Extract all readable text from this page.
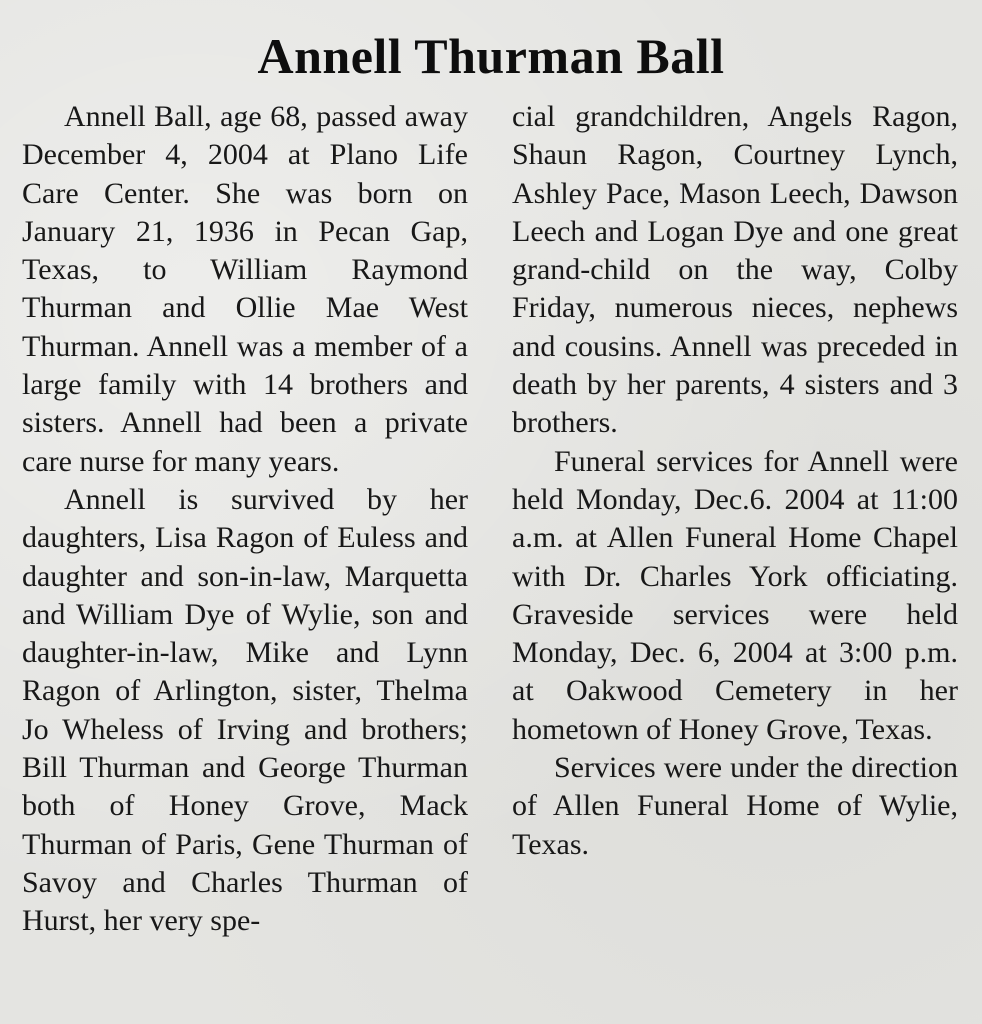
Annell Thurman Ball

Annell Ball, age 68, passed away December 4, 2004 at Plano Life Care Center. She was born on January 21, 1936 in Pecan Gap, Texas, to William Raymond Thurman and Ollie Mae West Thurman. Annell was a member of a large family with 14 brothers and sisters. Annell had been a private care nurse for many years.

Annell is survived by her daughters, Lisa Ragon of Euless and daughter and son-in-law, Marquetta and William Dye of Wylie, son and daughter-in-law, Mike and Lynn Ragon of Arlington, sister, Thelma Jo Wheless of Irving and brothers; Bill Thurman and George Thurman both of Honey Grove, Mack Thurman of Paris, Gene Thurman of Savoy and Charles Thurman of Hurst, her very spe-

cial grandchildren, Angels Ragon, Shaun Ragon, Courtney Lynch, Ashley Pace, Mason Leech, Dawson Leech and Logan Dye and one great grand-child on the way, Colby Friday, numerous nieces, nephews and cousins. Annell was preceded in death by her parents, 4 sisters and 3 brothers.

Funeral services for Annell were held Monday, Dec.6. 2004 at 11:00 a.m. at Allen Funeral Home Chapel with Dr. Charles York officiating. Graveside services were held Monday, Dec. 6, 2004 at 3:00 p.m. at Oakwood Cemetery in her hometown of Honey Grove, Texas.

Services were under the direction of Allen Funeral Home of Wylie, Texas.
